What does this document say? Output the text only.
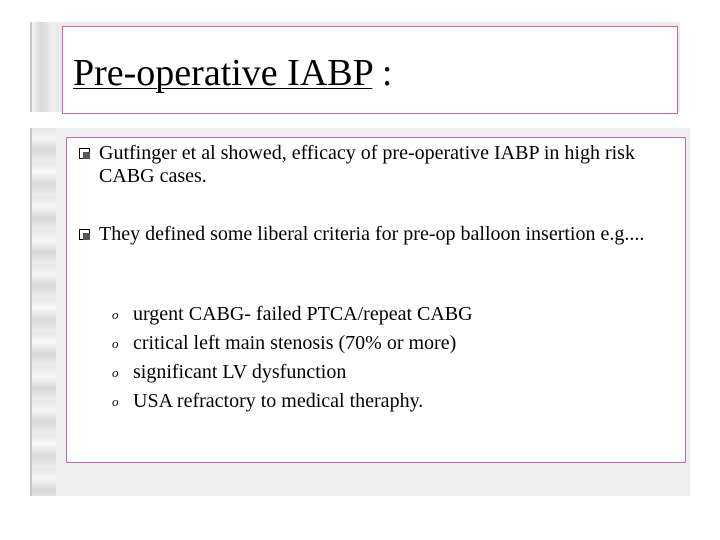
Pre-operative IABP :
Gutfinger et al showed, efficacy of pre-operative IABP in high risk CABG cases.
They defined some liberal criteria for pre-op balloon insertion e.g....
o urgent CABG- failed PTCA/repeat CABG
o critical left main stenosis (70% or more)
o significant LV dysfunction
o USA refractory to medical theraphy.
